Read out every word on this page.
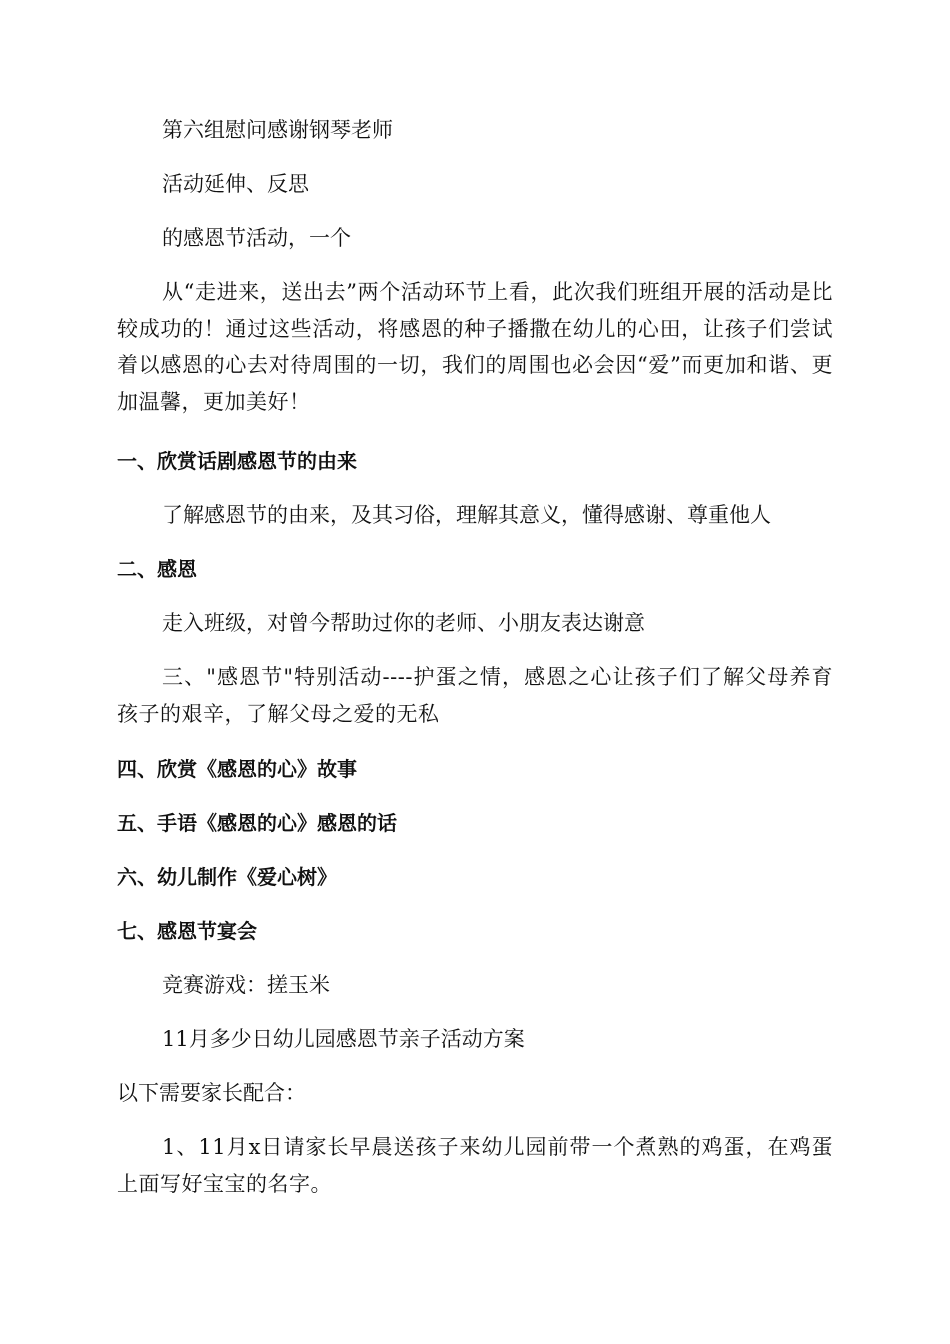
第六组慰问感谢钢琴老师
活动延伸、反思
的感恩节活动，一个
从“走进来，送出去”两个活动环节上看，此次我们班组开展的活动是比较成功的！通过这些活动，将感恩的种子播撒在幼儿的心田，让孩子们尝试着以感恩的心去对待周围的一切，我们的周围也必会因“爱”而更加和谐、更加温馨，更加美好！
一、欣赏话剧感恩节的由来
了解感恩节的由来，及其习俗，理解其意义，懂得感谢、尊重他人
二、感恩
走入班级，对曾今帮助过你的老师、小朋友表达谢意
三、"感恩节"特别活动----护蛋之情，感恩之心让孩子们了解父母养育孩子的艰辛，了解父母之爱的无私
四、欣赏《感恩的心》故事
五、手语《感恩的心》感恩的话
六、幼儿制作《爱心树》
七、感恩节宴会
竞赛游戏：搓玉米
11月多少日幼儿园感恩节亲子活动方案
以下需要家长配合：
1、11月x日请家长早晨送孩子来幼儿园前带一个煮熟的鸡蛋，在鸡蛋上面写好宝宝的名字。
